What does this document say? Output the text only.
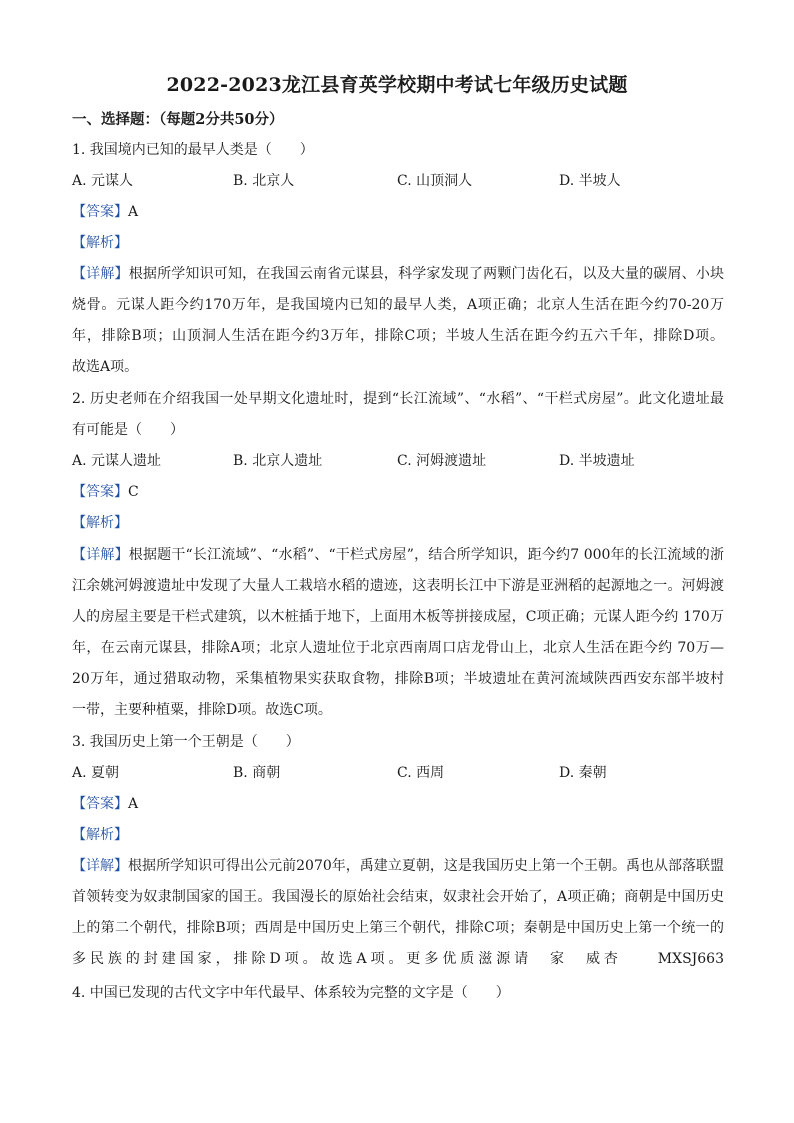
2022-2023龙江县育英学校期中考试七年级历史试题
一、选择题：（每题2分共50分）
1. 我国境内已知的最早人类是（　　）
A. 元谋人	B. 北京人	C. 山顶洞人	D. 半坡人
【答案】A
【解析】
【详解】根据所学知识可知，在我国云南省元谋县，科学家发现了两颗门齿化石，以及大量的碳屑、小块
烧骨。元谋人距今约170万年，是我国境内已知的最早人类，A项正确；北京人生活在距今约70-20万
年，排除B项；山顶洞人生活在距今约3万年，排除C项；半坡人生活在距今约五六千年，排除D项。
故选A项。
2. 历史老师在介绍我国一处早期文化遗址时，提到“长江流域”、“水稻”、“干栏式房屋”。此文化遗址最
有可能是（　　）
A. 元谋人遗址	B. 北京人遗址	C. 河姆渡遗址	D. 半坡遗址
【答案】C
【解析】
【详解】根据题干“长江流域”、“水稻”、“干栏式房屋”，结合所学知识，距今约7 000年的长江流域的浙
江余姚河姆渡遗址中发现了大量人工栽培水稻的遗迹，这表明长江中下游是亚洲稻的起源地之一。河姆渡
人的房屋主要是干栏式建筑，以木桩插于地下，上面用木板等拼接成屋，C项正确；元谋人距今约 170万
年，在云南元谋县，排除A项；北京人遗址位于北京西南周口店龙骨山上，北京人生活在距今约 70万—
20万年，通过猎取动物，采集植物果实获取食物，排除B项；半坡遗址在黄河流域陕西西安东部半坡村
一带，主要种植粟，排除D项。故选C项。
3. 我国历史上第一个王朝是（　　）
A. 夏朝	B. 商朝	C. 西周	D. 秦朝
【答案】A
【解析】
【详解】根据所学知识可得出公元前2070年，禹建立夏朝，这是我国历史上第一个王朝。禹也从部落联盟
首领转变为奴隶制国家的国王。我国漫长的原始社会结束，奴隶社会开始了，A项正确；商朝是中国历史
上的第二个朝代，排除B项；西周是中国历史上第三个朝代，排除C项；秦朝是中国历史上第一个统一的
多民族的封建国家，排除D项。故选A项。更多优质滋源请　家　威杏　　MXSJ663
4. 中国已发现的古代文字中年代最早、体系较为完整的文字是（　　）
